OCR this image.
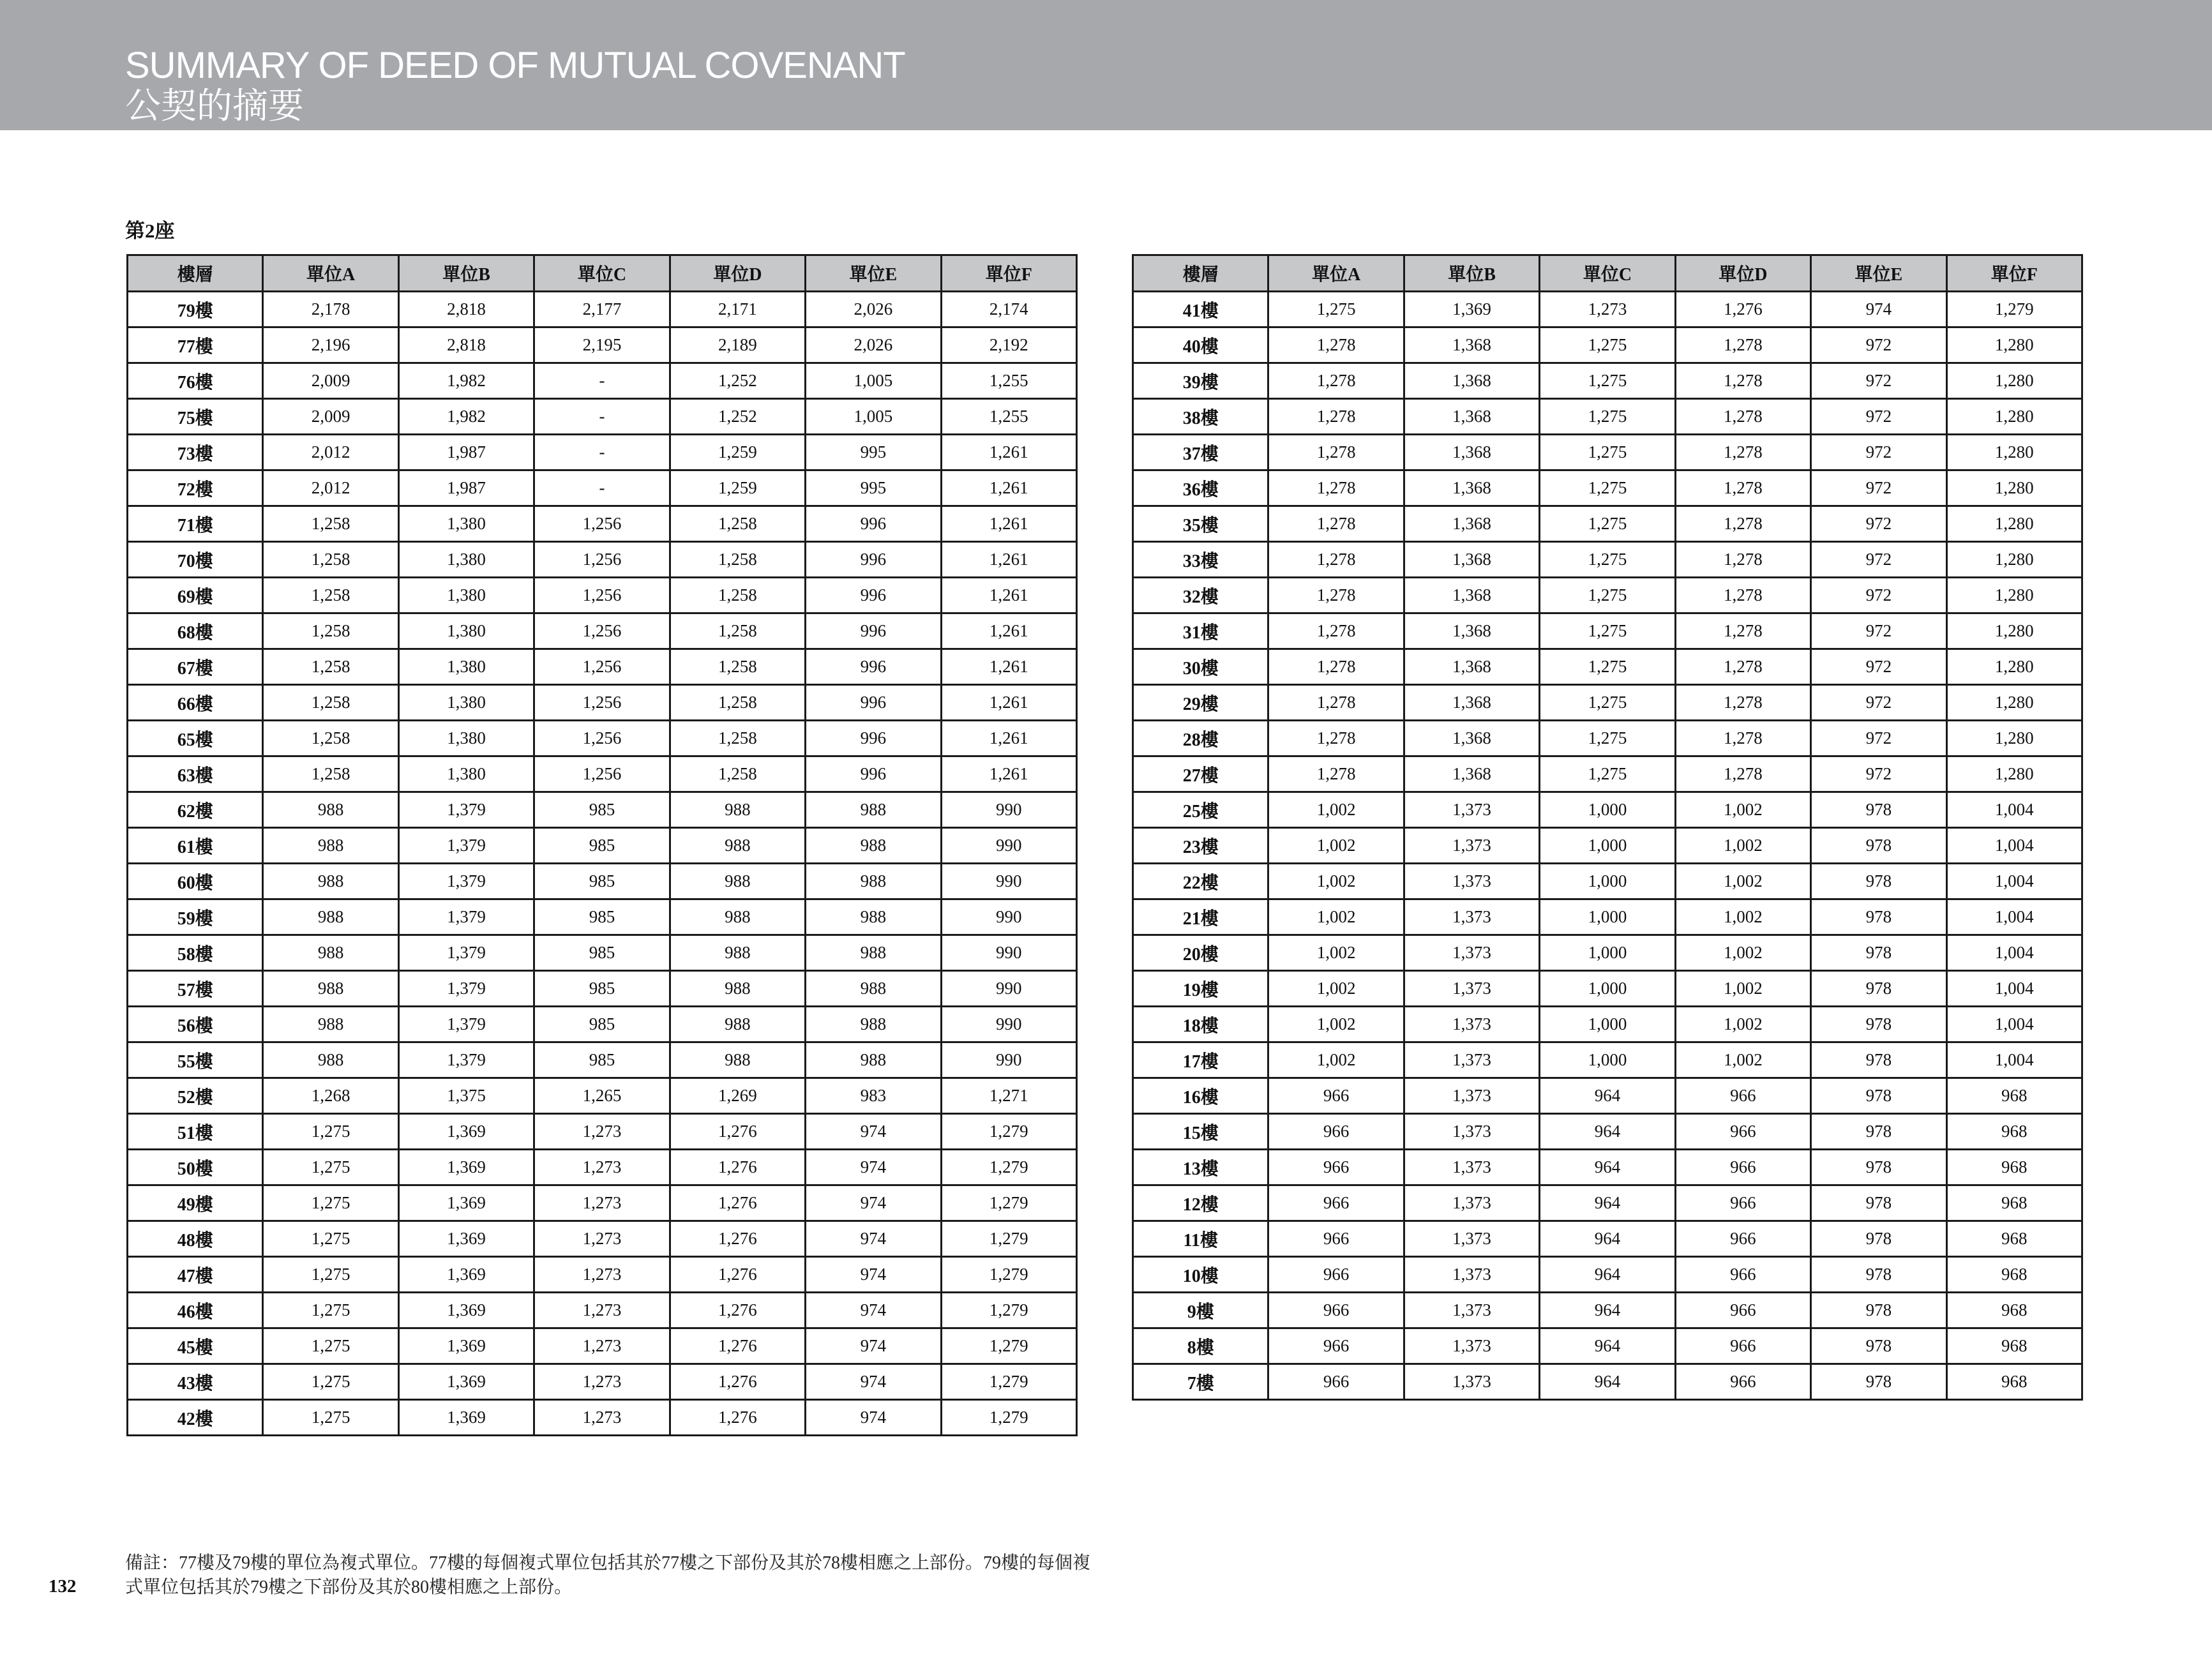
SUMMARY OF DEED OF MUTUAL COVENANT
公契的摘要
第2座
樓層	單位A	單位B	單位C	單位D	單位E	單位F
79樓	2,178	2,818	2,177	2,171	2,026	2,174
77樓	2,196	2,818	2,195	2,189	2,026	2,192
76樓	2,009	1,982	-	1,252	1,005	1,255
75樓	2,009	1,982	-	1,252	1,005	1,255
73樓	2,012	1,987	-	1,259	995	1,261
72樓	2,012	1,987	-	1,259	995	1,261
71樓	1,258	1,380	1,256	1,258	996	1,261
70樓	1,258	1,380	1,256	1,258	996	1,261
69樓	1,258	1,380	1,256	1,258	996	1,261
68樓	1,258	1,380	1,256	1,258	996	1,261
67樓	1,258	1,380	1,256	1,258	996	1,261
66樓	1,258	1,380	1,256	1,258	996	1,261
65樓	1,258	1,380	1,256	1,258	996	1,261
63樓	1,258	1,380	1,256	1,258	996	1,261
62樓	988	1,379	985	988	988	990
61樓	988	1,379	985	988	988	990
60樓	988	1,379	985	988	988	990
59樓	988	1,379	985	988	988	990
58樓	988	1,379	985	988	988	990
57樓	988	1,379	985	988	988	990
56樓	988	1,379	985	988	988	990
55樓	988	1,379	985	988	988	990
52樓	1,268	1,375	1,265	1,269	983	1,271
51樓	1,275	1,369	1,273	1,276	974	1,279
50樓	1,275	1,369	1,273	1,276	974	1,279
49樓	1,275	1,369	1,273	1,276	974	1,279
48樓	1,275	1,369	1,273	1,276	974	1,279
47樓	1,275	1,369	1,273	1,276	974	1,279
46樓	1,275	1,369	1,273	1,276	974	1,279
45樓	1,275	1,369	1,273	1,276	974	1,279
43樓	1,275	1,369	1,273	1,276	974	1,279
42樓	1,275	1,369	1,273	1,276	974	1,279
樓層	單位A	單位B	單位C	單位D	單位E	單位F
41樓	1,275	1,369	1,273	1,276	974	1,279
40樓	1,278	1,368	1,275	1,278	972	1,280
39樓	1,278	1,368	1,275	1,278	972	1,280
38樓	1,278	1,368	1,275	1,278	972	1,280
37樓	1,278	1,368	1,275	1,278	972	1,280
36樓	1,278	1,368	1,275	1,278	972	1,280
35樓	1,278	1,368	1,275	1,278	972	1,280
33樓	1,278	1,368	1,275	1,278	972	1,280
32樓	1,278	1,368	1,275	1,278	972	1,280
31樓	1,278	1,368	1,275	1,278	972	1,280
30樓	1,278	1,368	1,275	1,278	972	1,280
29樓	1,278	1,368	1,275	1,278	972	1,280
28樓	1,278	1,368	1,275	1,278	972	1,280
27樓	1,278	1,368	1,275	1,278	972	1,280
25樓	1,002	1,373	1,000	1,002	978	1,004
23樓	1,002	1,373	1,000	1,002	978	1,004
22樓	1,002	1,373	1,000	1,002	978	1,004
21樓	1,002	1,373	1,000	1,002	978	1,004
20樓	1,002	1,373	1,000	1,002	978	1,004
19樓	1,002	1,373	1,000	1,002	978	1,004
18樓	1,002	1,373	1,000	1,002	978	1,004
17樓	1,002	1,373	1,000	1,002	978	1,004
16樓	966	1,373	964	966	978	968
15樓	966	1,373	964	966	978	968
13樓	966	1,373	964	966	978	968
12樓	966	1,373	964	966	978	968
11樓	966	1,373	964	966	978	968
10樓	966	1,373	964	966	978	968
9樓	966	1,373	964	966	978	968
8樓	966	1,373	964	966	978	968
7樓	966	1,373	964	966	978	968
備註：77樓及79樓的單位為複式單位。77樓的每個複式單位包括其於77樓之下部份及其於78樓相應之上部份。79樓的每個複式單位包括其於79樓之下部份及其於80樓相應之上部份。
132
